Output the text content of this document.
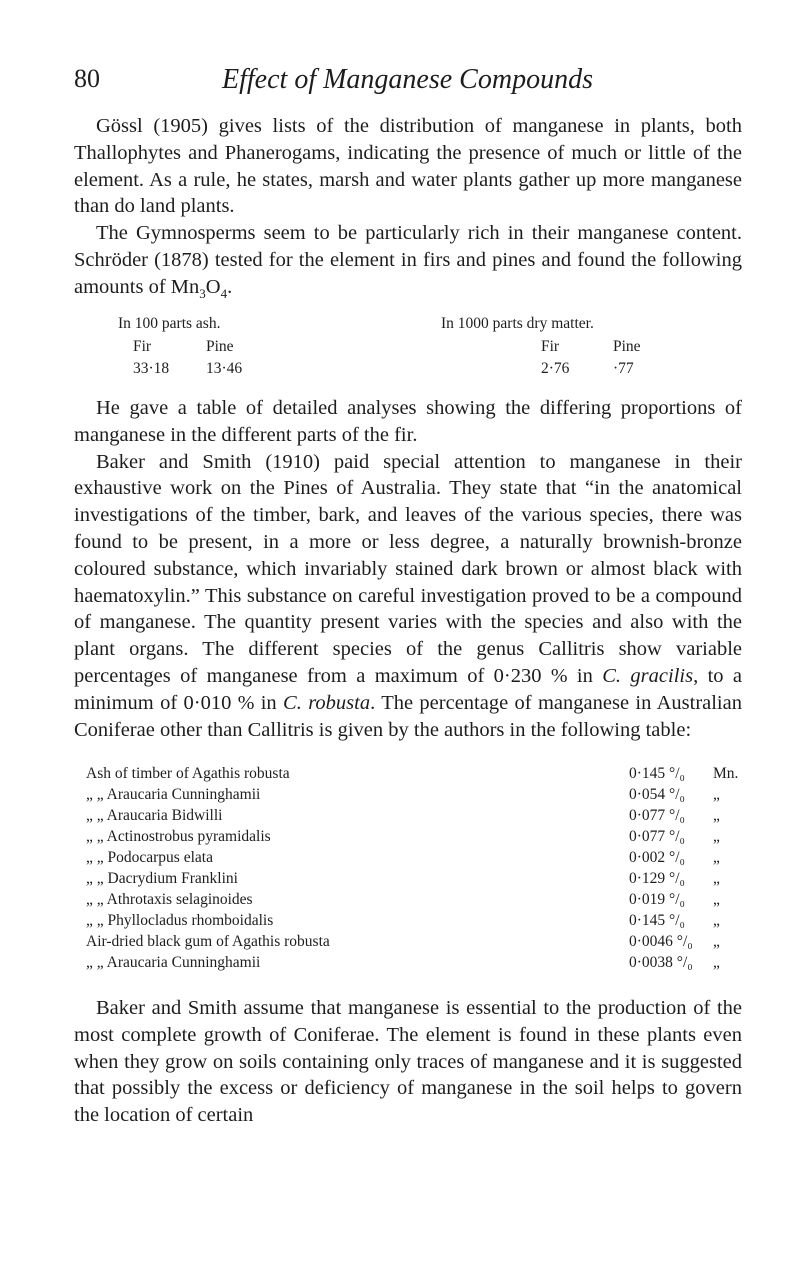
80	Effect of Manganese Compounds

Gössl (1905) gives lists of the distribution of manganese in plants, both Thallophytes and Phanerogams, indicating the presence of much or little of the element. As a rule, he states, marsh and water plants gather up more manganese than do land plants.

The Gymnosperms seem to be particularly rich in their manganese content. Schröder (1878) tested for the element in firs and pines and found the following amounts of $Mn_3O_4$.

In 100 parts ash.	In 1000 parts dry matter.
Fir	Pine	Fir	Pine
33·18 13·46	2·76	·77

He gave a table of detailed analyses showing the differing proportions of manganese in the different parts of the fir.

Baker and Smith (1910) paid special attention to manganese in their exhaustive work on the Pines of Australia. They state that “in the anatomical investigations of the timber, bark, and leaves of the various species, there was found to be present, in a more or less degree, a naturally brownish-bronze coloured substance, which invariably stained dark brown or almost black with haematoxylin.” This substance on careful investigation proved to be a compound of manganese. The quantity present varies with the species and also with the plant organs. The different species of the genus Callitris show variable percentages of manganese from a maximum of 0·230 % in C. gracilis, to a minimum of 0·010 % in C. robusta. The percentage of manganese in Australian Coniferae other than Callitris is given by the authors in the following table:

Ash of timber of Agathis robusta	0·145 °/₀ Mn.
„ „ Araucaria Cunninghamii	0·054 °/₀ „
„ „ Araucaria Bidwilli	0·077 °/₀ „
„ „ Actinostrobus pyramidalis	0·077 °/₀ „
„ „ Podocarpus elata	0·002 °/₀ „
„ „ Dacrydium Franklini	0·129 °/₀ „
„ „ Athrotaxis selaginoides	0·019 °/₀ „
„ „ Phyllocladus rhomboidalis	0·145 °/₀ „
Air-dried black gum of Agathis robusta	0·0046 °/₀ „
„ „ Araucaria Cunninghamii	0·0038 °/₀ „

Baker and Smith assume that manganese is essential to the production of the most complete growth of Coniferae. The element is found in these plants even when they grow on soils containing only traces of manganese and it is suggested that possibly the excess or deficiency of manganese in the soil helps to govern the location of certain
